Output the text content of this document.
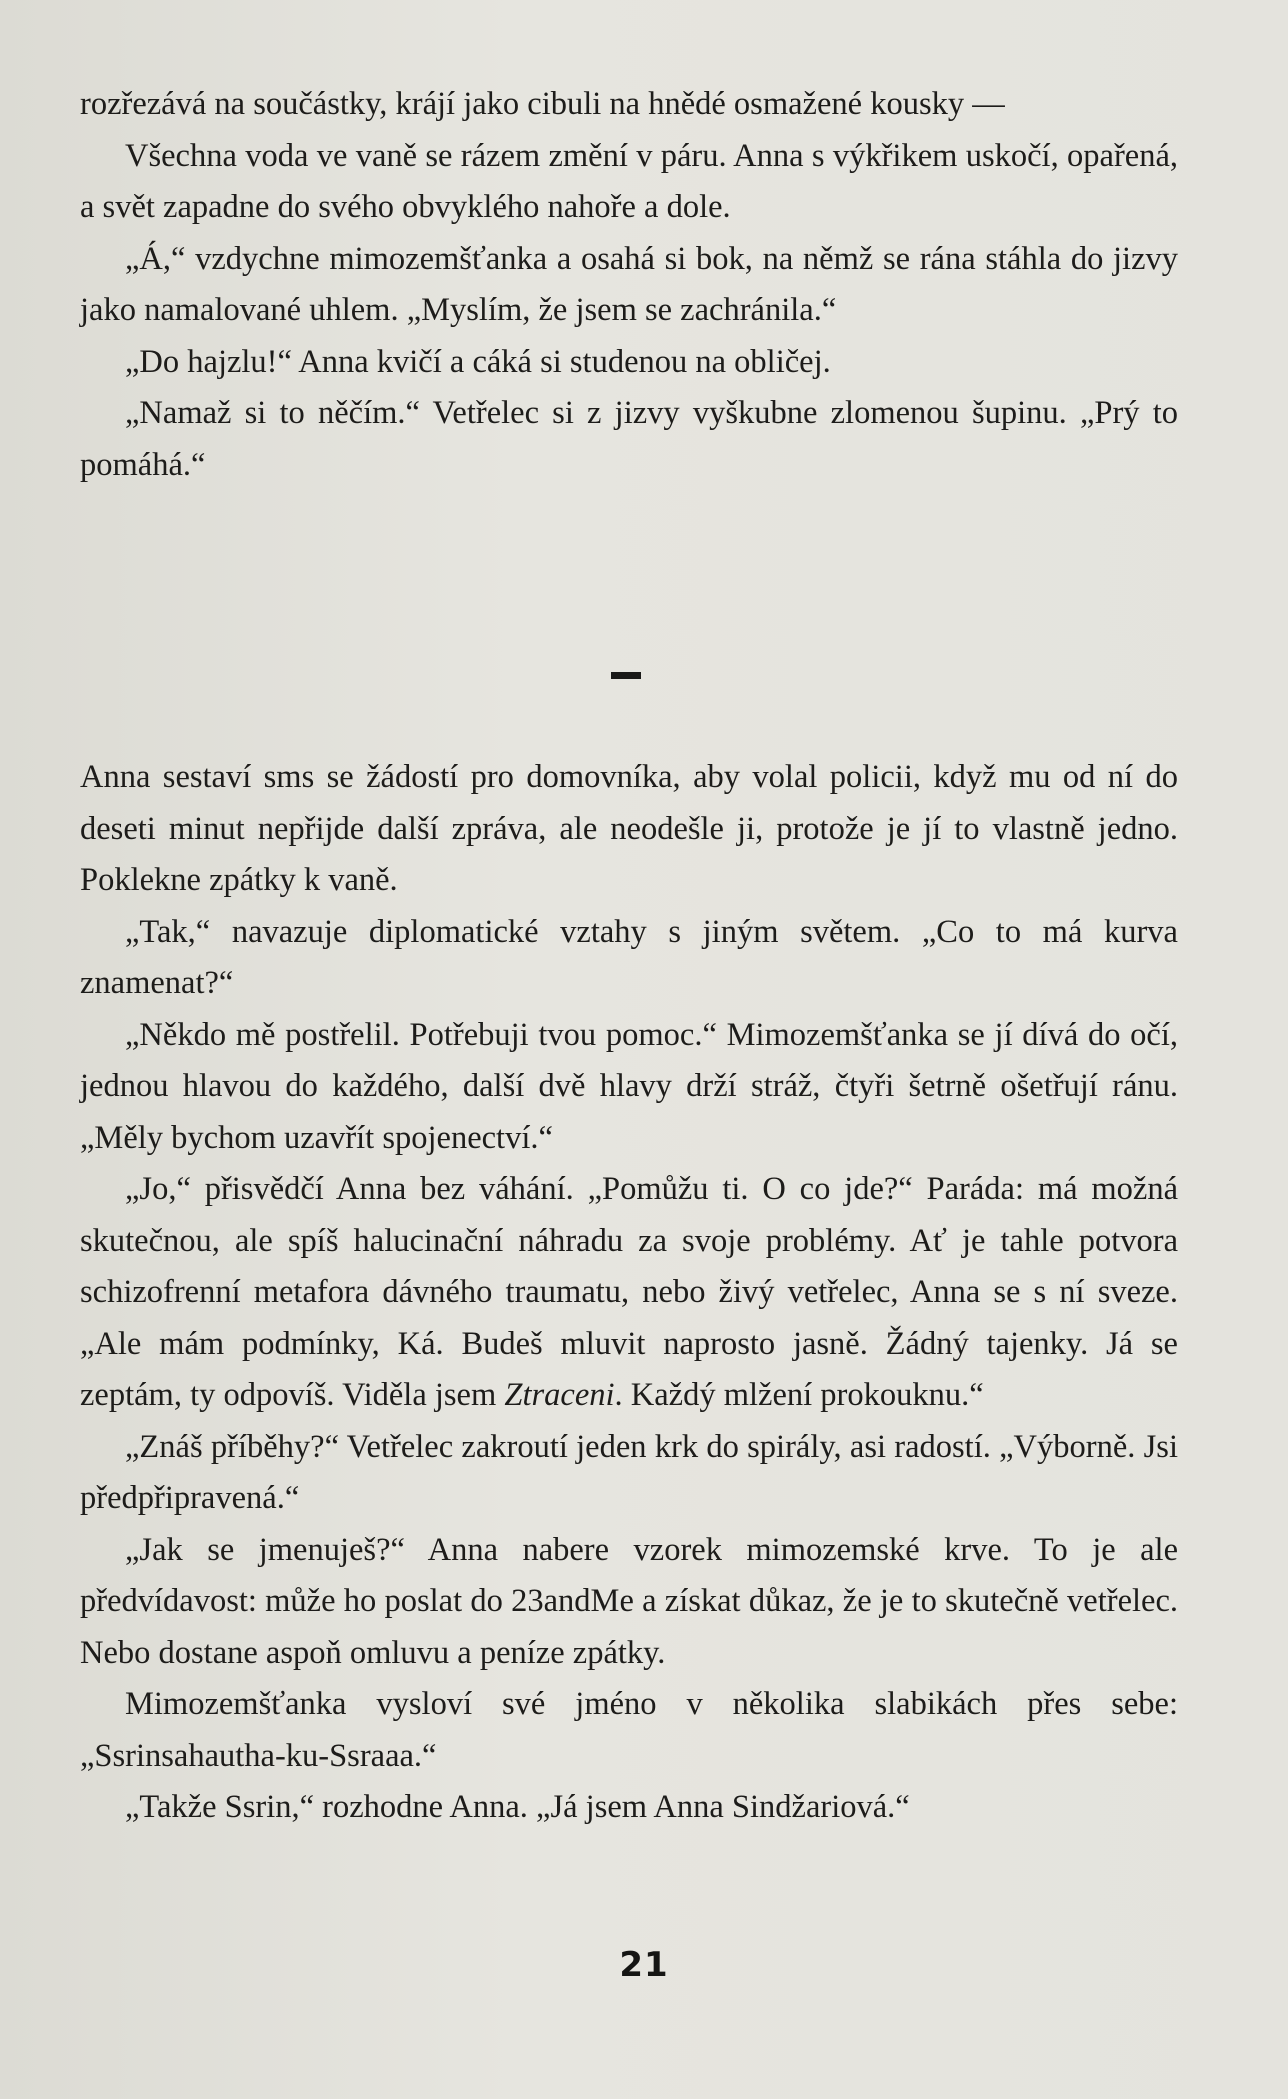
rozřezává na součástky, krájí jako cibuli na hnědé osmažené kousky —

Všechna voda ve vaně se rázem změní v páru. Anna s výkřikem uskočí, opařená, a svět zapadne do svého obvyklého nahoře a dole.

„Á,“ vzdychne mimozemšťanka a osahá si bok, na němž se rána stáhla do jizvy jako namalované uhlem. „Myslím, že jsem se zachránila.“

„Do hajzlu!“ Anna kvičí a cáká si studenou na obličej.

„Namaž si to něčím.“ Vetřelec si z jizvy vyškubne zlomenou šupinu. „Prý to pomáhá.“

Anna sestaví sms se žádostí pro domovníka, aby volal policii, když mu od ní do deseti minut nepřijde další zpráva, ale neodešle ji, protože je jí to vlastně jedno. Poklekne zpátky k vaně.

„Tak,“ navazuje diplomatické vztahy s jiným světem. „Co to má kurva znamenat?“

„Někdo mě postřelil. Potřebuji tvou pomoc.“ Mimozemšťanka se jí dívá do očí, jednou hlavou do každého, další dvě hlavy drží stráž, čtyři šetrně ošetřují ránu. „Měly bychom uzavřít spojenectví.“

„Jo,“ přisvědčí Anna bez váhání. „Pomůžu ti. O co jde?“ Paráda: má možná skutečnou, ale spíš halucinační náhradu za svoje problémy. Ať je tahle potvora schizofrenní metafora dávného traumatu, nebo živý vetřelec, Anna se s ní sveze. „Ale mám podmínky, Ká. Budeš mluvit naprosto jasně. Žádný tajenky. Já se zeptám, ty odpovíš. Viděla jsem Ztraceni. Každý mlžení prokouknu.“

„Znáš příběhy?“ Vetřelec zakroutí jeden krk do spirály, asi radostí. „Výborně. Jsi předpřipravená.“

„Jak se jmenuješ?“ Anna nabere vzorek mimozemské krve. To je ale předvídavost: může ho poslat do 23andMe a získat důkaz, že je to skutečně vetřelec. Nebo dostane aspoň omluvu a peníze zpátky.

Mimozemšťanka vysloví své jméno v několika slabikách přes sebe: „Ssrinsahautha-ku-Ssraaa.“

„Takže Ssrin,“ rozhodne Anna. „Já jsem Anna Sindžariová.“

21
